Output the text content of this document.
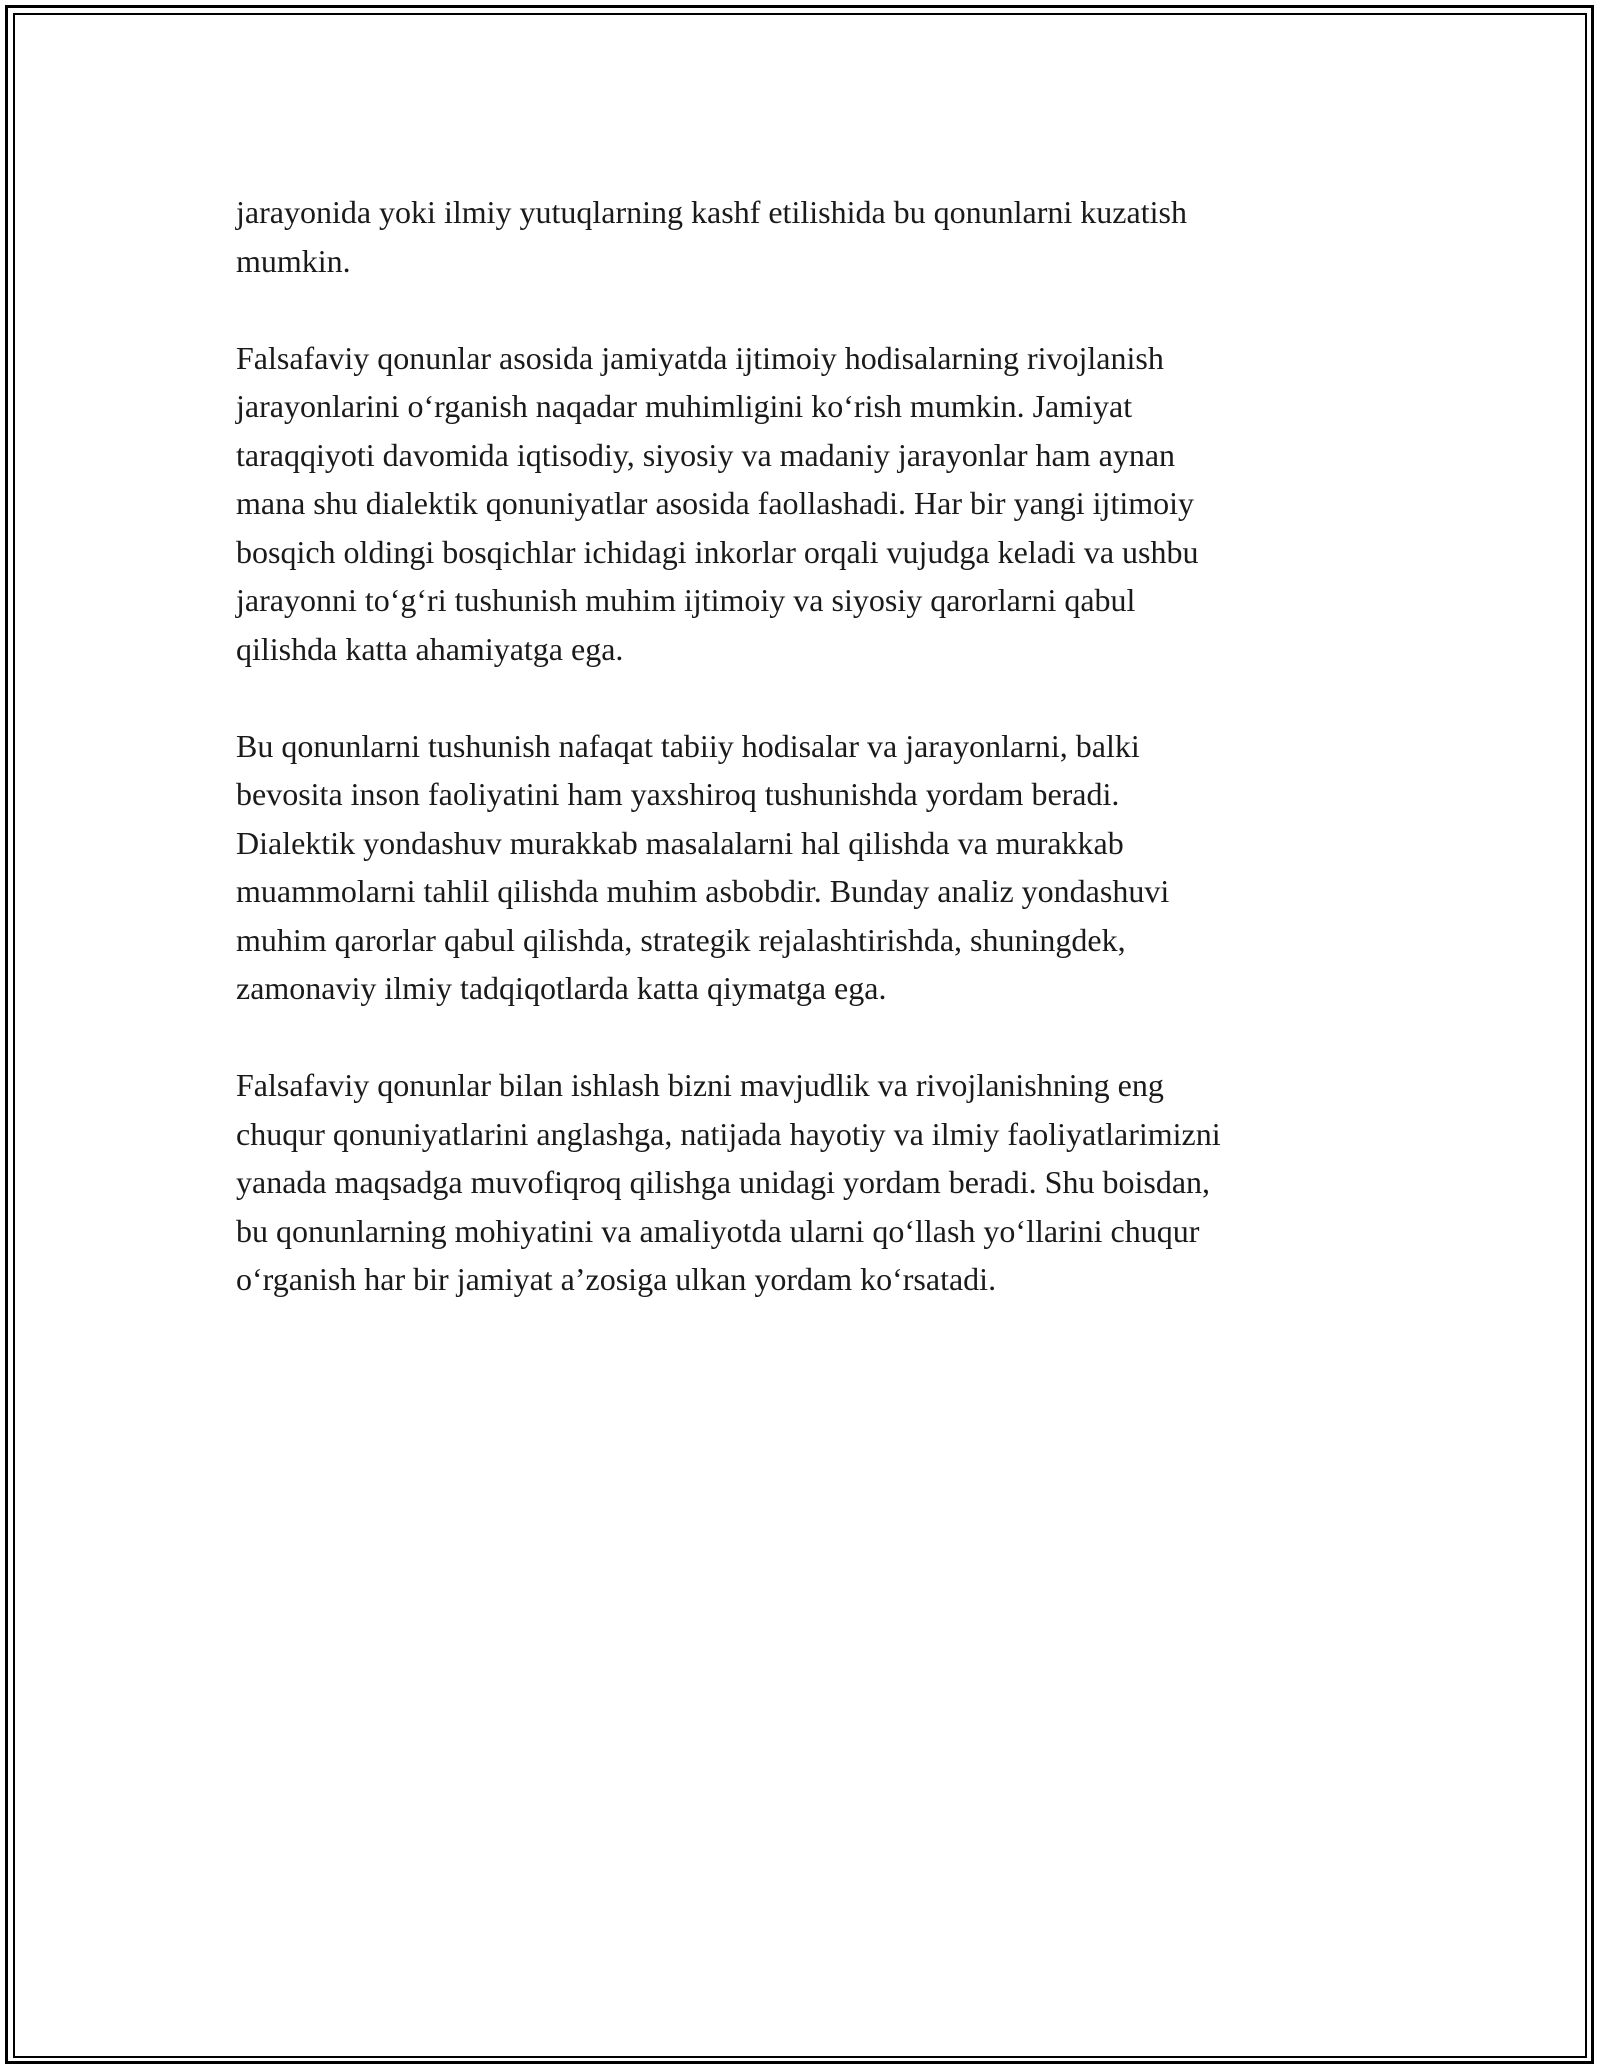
jarayonida yoki ilmiy yutuqlarning kashf etilishida bu qonunlarni kuzatish
mumkin.

Falsafaviy qonunlar asosida jamiyatda ijtimoiy hodisalarning rivojlanish
jarayonlarini o‘rganish naqadar muhimligini ko‘rish mumkin. Jamiyat
taraqqiyoti davomida iqtisodiy, siyosiy va madaniy jarayonlar ham aynan
mana shu dialektik qonuniyatlar asosida faollashadi. Har bir yangi ijtimoiy
bosqich oldingi bosqichlar ichidagi inkorlar orqali vujudga keladi va ushbu
jarayonni to‘g‘ri tushunish muhim ijtimoiy va siyosiy qarorlarni qabul
qilishda katta ahamiyatga ega.

Bu qonunlarni tushunish nafaqat tabiiy hodisalar va jarayonlarni, balki
bevosita inson faoliyatini ham yaxshiroq tushunishda yordam beradi.
Dialektik yondashuv murakkab masalalarni hal qilishda va murakkab
muammolarni tahlil qilishda muhim asbobdir. Bunday analiz yondashuvi
muhim qarorlar qabul qilishda, strategik rejalashtirishda, shuningdek,
zamonaviy ilmiy tadqiqotlarda katta qiymatga ega.

Falsafaviy qonunlar bilan ishlash bizni mavjudlik va rivojlanishning eng
chuqur qonuniyatlarini anglashga, natijada hayotiy va ilmiy faoliyatlarimizni
yanada maqsadga muvofiqroq qilishga unidagi yordam beradi. Shu boisdan,
bu qonunlarning mohiyatini va amaliyotda ularni qo‘llash yo‘llarini chuqur
o‘rganish har bir jamiyat a’zosiga ulkan yordam ko‘rsatadi.
